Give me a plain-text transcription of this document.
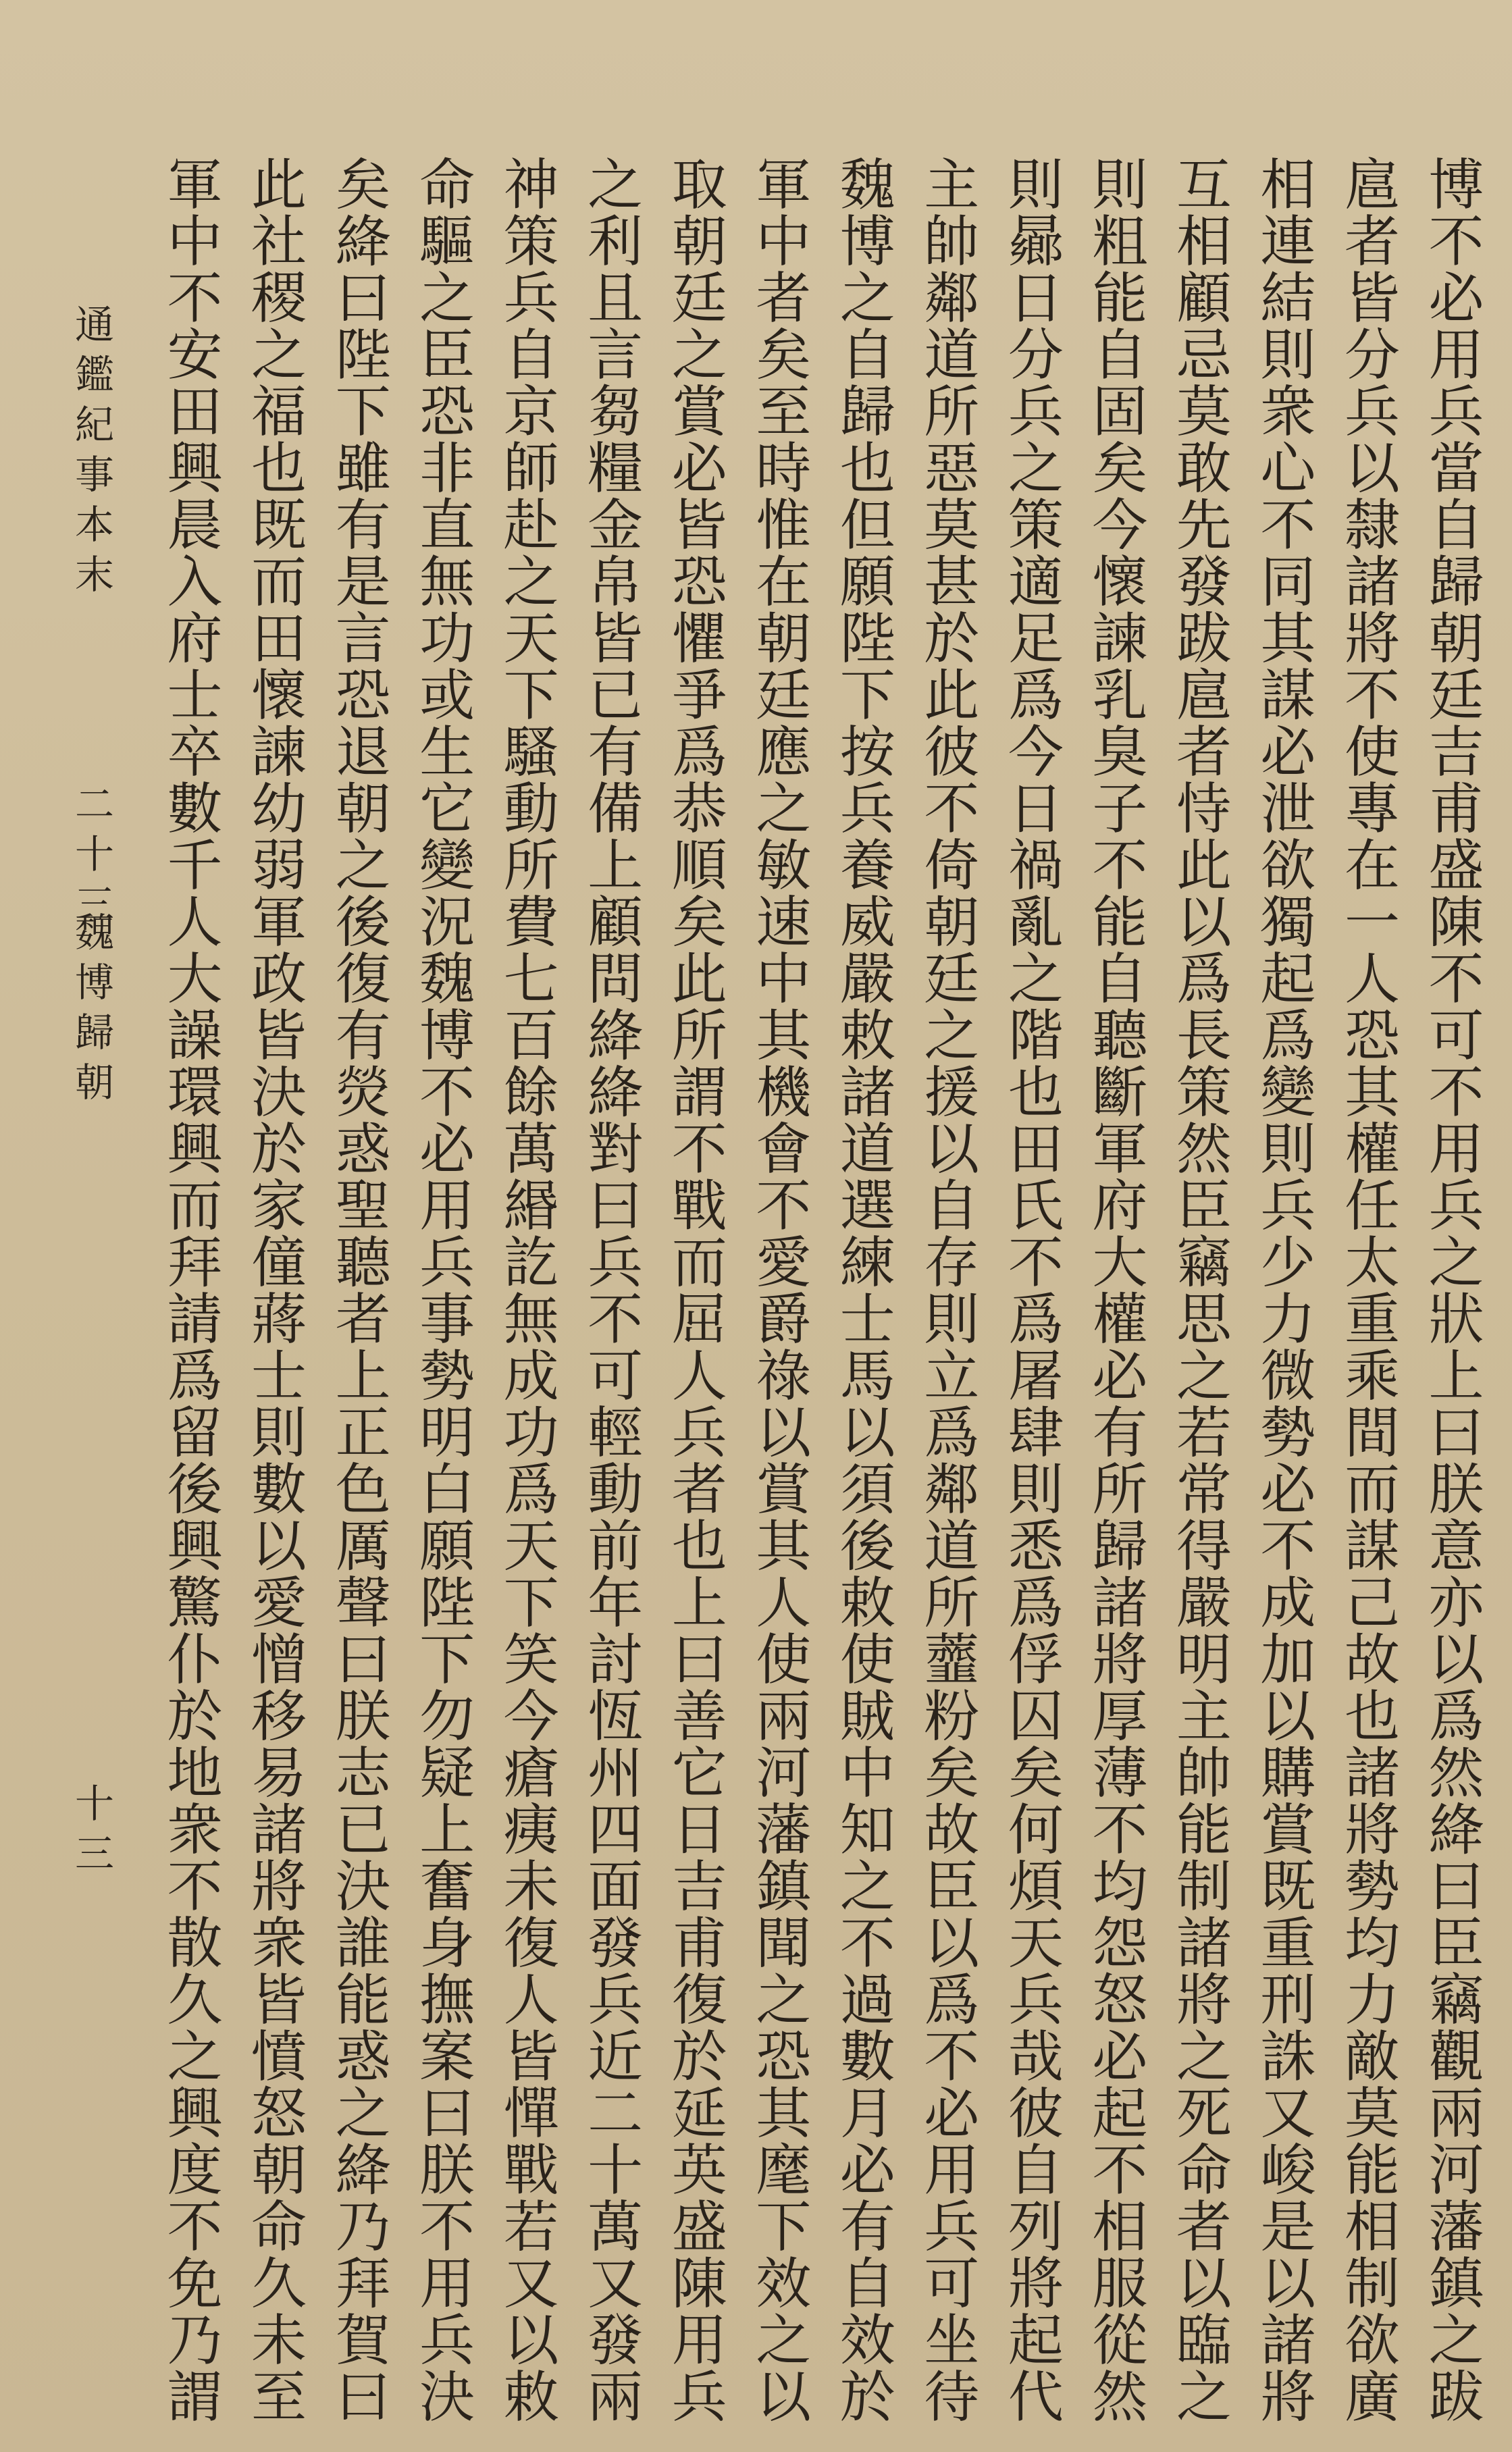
博不必用兵當自歸朝廷吉甫盛陳不可不用兵之狀上曰朕意亦以爲然絳曰臣竊觀兩河藩鎮之跋
扈者皆分兵以隸諸將不使專在一人恐其權任太重乘間而謀己故也諸將勢均力敵莫能相制欲廣
相連結則衆心不同其謀必泄欲獨起爲變則兵少力微勢必不成加以購賞既重刑誅又峻是以諸將
互相顧忌莫敢先發跋扈者恃此以爲長策然臣竊思之若常得嚴明主帥能制諸將之死命者以臨之
則粗能自固矣今懷諫乳臭子不能自聽斷軍府大權必有所歸諸將厚薄不均怨怒必起不相服從然
則曏日分兵之策適足爲今日禍亂之階也田氏不爲屠肆則悉爲俘囚矣何煩天兵哉彼自列將起代
主帥鄰道所惡莫甚於此彼不倚朝廷之援以自存則立爲鄰道所虀粉矣故臣以爲不必用兵可坐待
魏博之自歸也但願陛下按兵養威嚴敕諸道選練士馬以須後敕使賊中知之不過數月必有自效於
軍中者矣至時惟在朝廷應之敏速中其機會不愛爵祿以賞其人使兩河藩鎮聞之恐其麾下效之以
取朝廷之賞必皆恐懼爭爲恭順矣此所謂不戰而屈人兵者也上曰善它日吉甫復於延英盛陳用兵
之利且言芻糧金帛皆已有備上顧問絳絳對曰兵不可輕動前年討恆州四面發兵近二十萬又發兩
神策兵自京師赴之天下騷動所費七百餘萬緡訖無成功爲天下笑今瘡痍未復人皆憚戰若又以敕
命驅之臣恐非直無功或生它變況魏博不必用兵事勢明白願陛下勿疑上奮身撫案曰朕不用兵決
矣絳曰陛下雖有是言恐退朝之後復有熒惑聖聽者上正色厲聲曰朕志已決誰能惑之絳乃拜賀曰
此社稷之福也既而田懷諫幼弱軍政皆決於家僮蔣士則數以愛憎移易諸將衆皆憤怒朝命久未至
軍中不安田興晨入府士卒數千人大譟環興而拜請爲留後興驚仆於地衆不散久之興度不免乃謂
通鑑紀事本末
二十三
魏博歸朝
十三
